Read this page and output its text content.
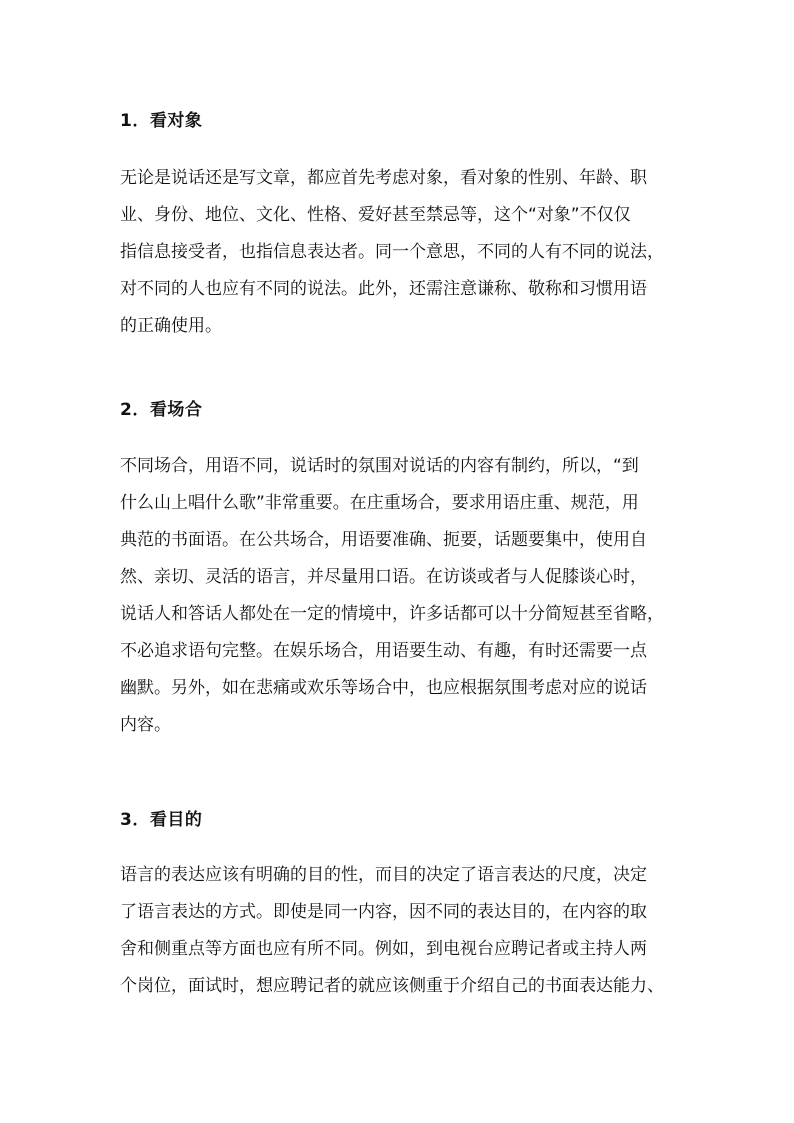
1．看对象
无论是说话还是写文章，都应首先考虑对象，看对象的性别、年龄、职
业、身份、地位、文化、性格、爱好甚至禁忌等，这个“对象”不仅仅
指信息接受者，也指信息表达者。同一个意思，不同的人有不同的说法，
对不同的人也应有不同的说法。此外，还需注意谦称、敬称和习惯用语
的正确使用。
2．看场合
不同场合，用语不同，说话时的氛围对说话的内容有制约，所以，“到
什么山上唱什么歌”非常重要。在庄重场合，要求用语庄重、规范，用
典范的书面语。在公共场合，用语要准确、扼要，话题要集中，使用自
然、亲切、灵活的语言，并尽量用口语。在访谈或者与人促膝谈心时，
说话人和答话人都处在一定的情境中，许多话都可以十分简短甚至省略，
不必追求语句完整。在娱乐场合，用语要生动、有趣，有时还需要一点
幽默。另外，如在悲痛或欢乐等场合中，也应根据氛围考虑对应的说话
内容。
3．看目的
语言的表达应该有明确的目的性，而目的决定了语言表达的尺度，决定
了语言表达的方式。即使是同一内容，因不同的表达目的，在内容的取
舍和侧重点等方面也应有所不同。例如，到电视台应聘记者或主持人两
个岗位，面试时，想应聘记者的就应该侧重于介绍自己的书面表达能力、
